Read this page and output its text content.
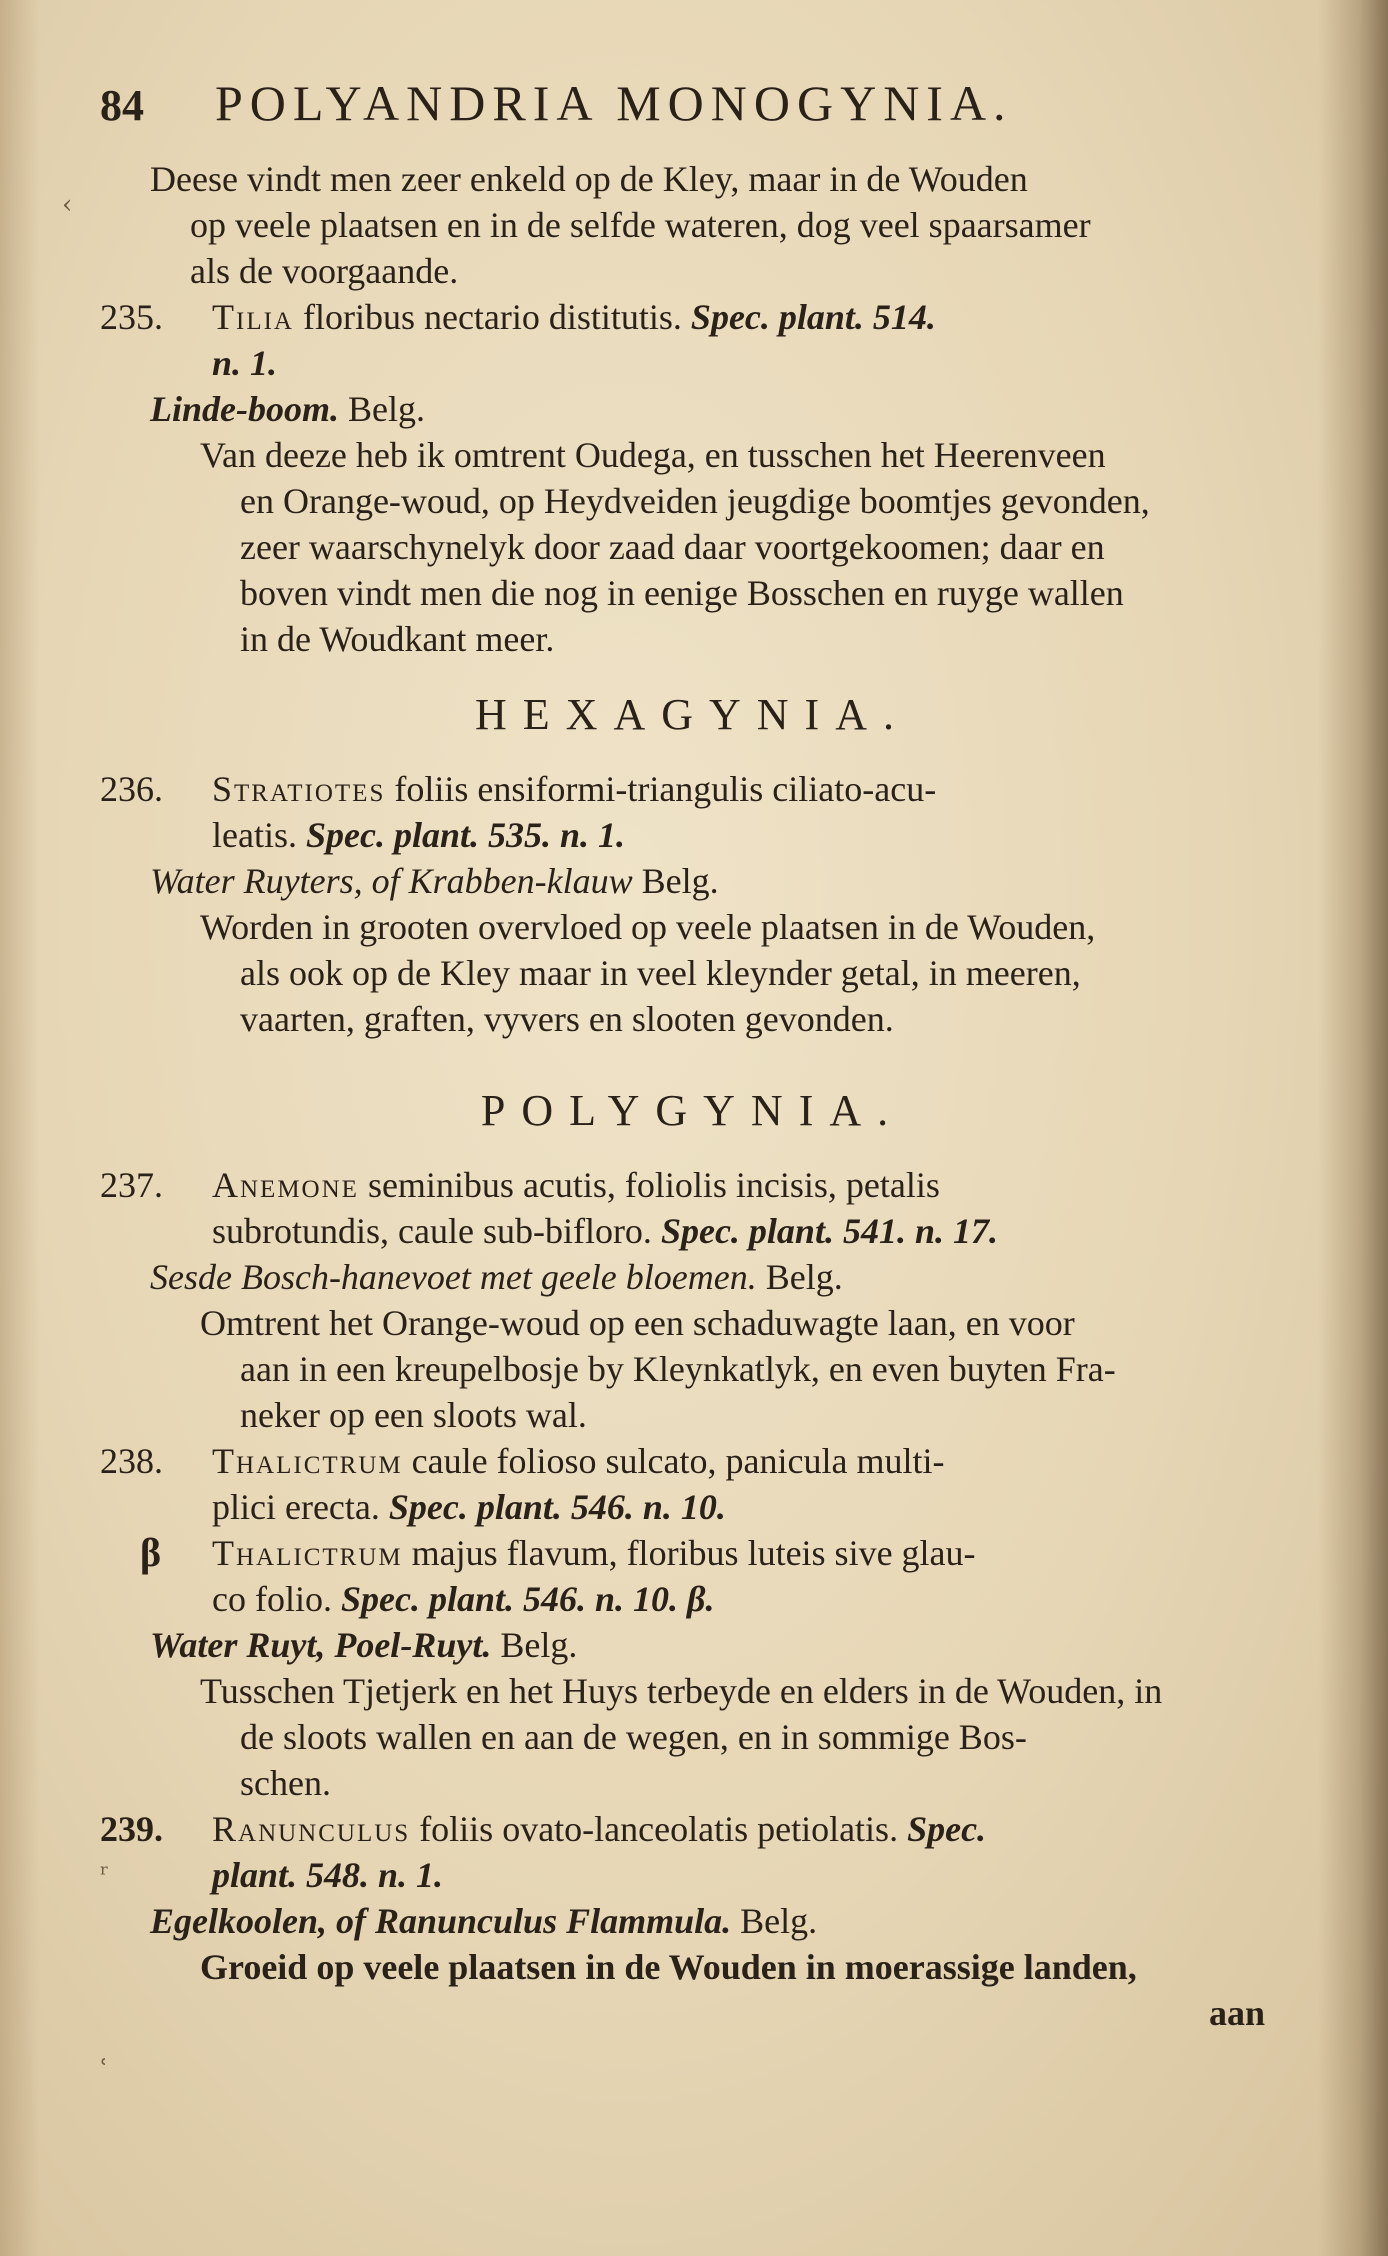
‹
ʳ
ʿ
84	POLYANDRIA MONOGYNIA.

Deese vindt men zeer enkeld op de Kley, maar in de Wouden

op veele plaatsen en in de selfde wateren, dog veel spaarsamer

als de voorgaande.

235.	Tilia floribus nectario distitutis. Spec. plant. 514.

n. 1.

Linde-boom. Belg.

Van deeze heb ik omtrent Oudega, en tusschen het Heerenveen

en Orange-woud, op Heydveiden jeugdige boomtjes gevonden,

zeer waarschynelyk door zaad daar voortgekoomen; daar en

boven vindt men die nog in eenige Bosschen en ruyge wallen

in de Woudkant meer.

HEXAGYNIA.
236.	Stratiotes foliis ensiformi-triangulis ciliato-acu-

leatis. Spec. plant. 535. n. 1.

Water Ruyters, of Krabben-klauw Belg.

Worden in grooten overvloed op veele plaatsen in de Wouden,

als ook op de Kley maar in veel kleynder getal, in meeren,

vaarten, graften, vyvers en slooten gevonden.

POLYGYNIA.
237.	Anemone seminibus acutis, foliolis incisis, petalis

subrotundis, caule sub-bifloro. Spec. plant. 541. n. 17.

Sesde Bosch-hanevoet met geele bloemen. Belg.

Omtrent het Orange-woud op een schaduwagte laan, en voor

aan in een kreupelbosje by Kleynkatlyk, en even buyten Fra-

neker op een sloots wal.

238.	Thalictrum caule folioso sulcato, panicula multi-

plici erecta. Spec. plant. 546. n. 10.

β	Thalictrum majus flavum, floribus luteis sive glau-

co folio. Spec. plant. 546. n. 10. β.

Water Ruyt, Poel-Ruyt. Belg.

Tusschen Tjetjerk en het Huys terbeyde en elders in de Wouden, in

de sloots wallen en aan de wegen, en in sommige Bos-

schen.

239.	Ranunculus foliis ovato-lanceolatis petiolatis. Spec.

plant. 548. n. 1.

Egelkoolen, of Ranunculus Flammula. Belg.

Groeid op veele plaatsen in de Wouden in moerassige landen,

aan
